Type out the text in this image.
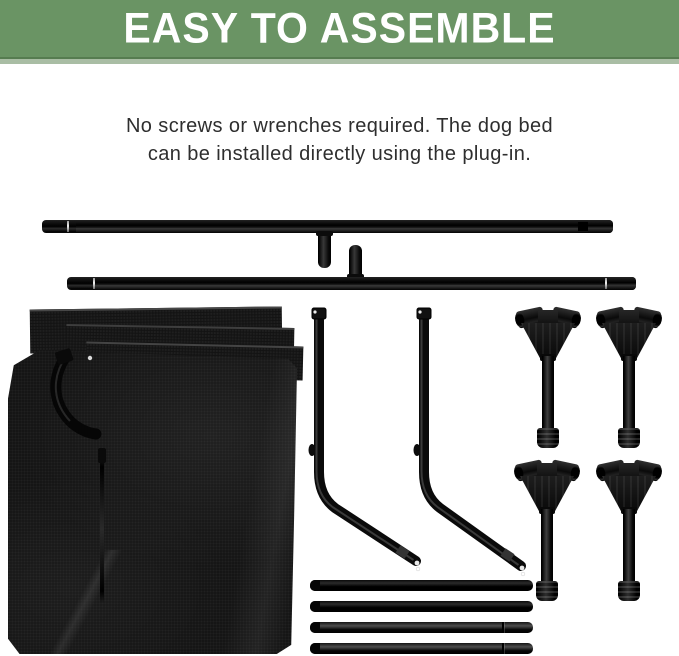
EASY TO ASSEMBLE
No screws or wrenches required. The dog bed
can be installed directly using the plug-in.
